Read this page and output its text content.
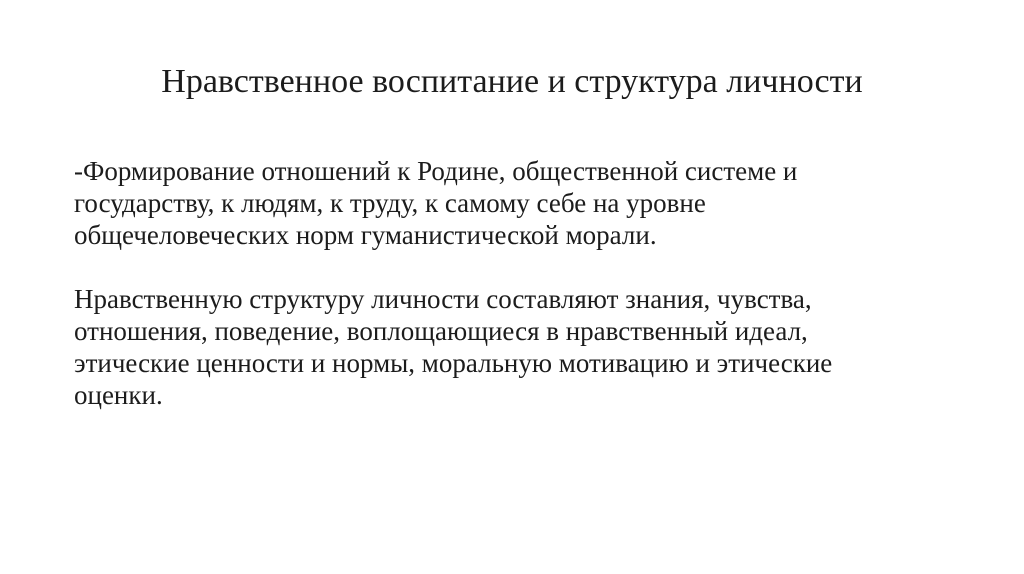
Нравственное воспитание и структура личности

-Формирование отношений к Родине, общественной системе и
государству, к людям, к труду, к самому себе на уровне
общечеловеческих норм гуманистической морали.

Нравственную структуру личности составляют знания, чувства,
отношения, поведение, воплощающиеся в нравственный идеал,
этические ценности и нормы, моральную мотивацию и этические
оценки.
